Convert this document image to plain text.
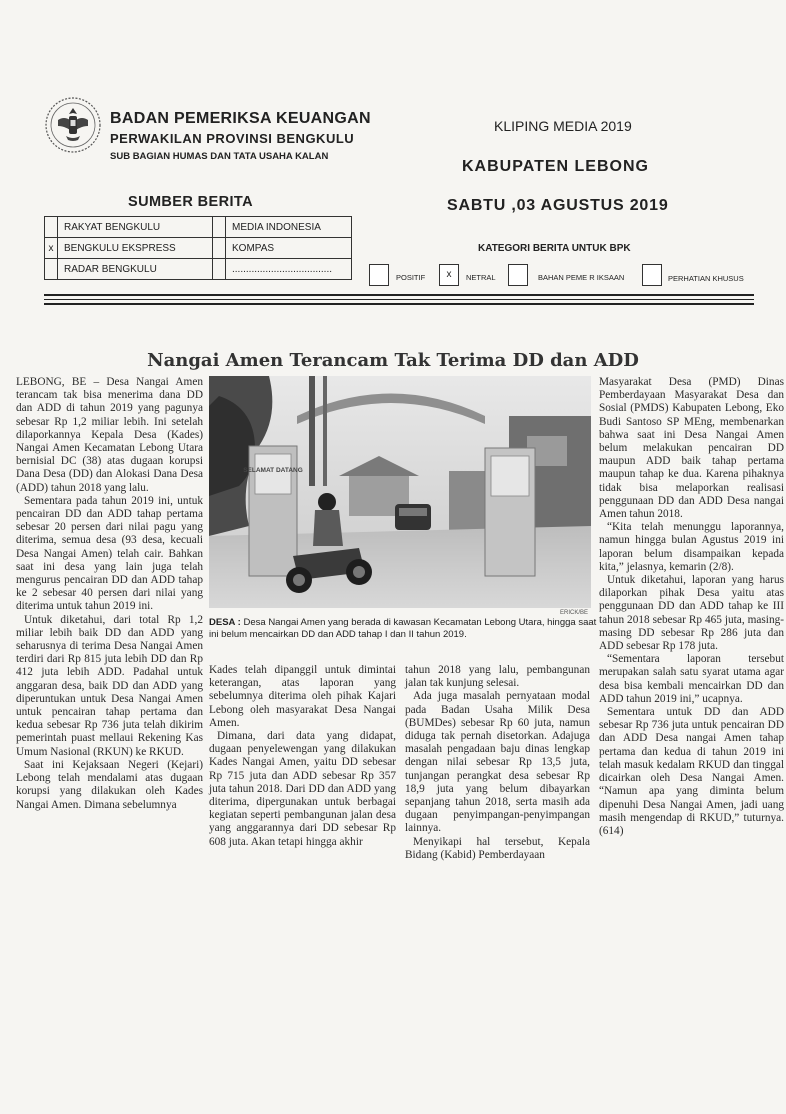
BADAN PEMERIKSA KEUANGAN
PERWAKILAN PROVINSI BENGKULU
SUB BAGIAN HUMAS DAN TATA USAHA KALAN
KLIPING MEDIA 2019
KABUPATEN LEBONG
SABTU ,03 AGUSTUS 2019
SUMBER BERITA
	RAKYAT BENGKULU		MEDIA INDONESIA
x	BENGKULU EKSPRESS		KOMPAS
	RADAR BENGKULU		....................................
KATEGORI BERITA UNTUK BPK
POSITIF	x	NETRAL	BAHAN PEME R IKSAAN	PERHATIAN KHUSUS
Nangai Amen Terancam Tak Terima DD dan ADD

LEBONG, BE – Desa Nangai Amen terancam tak bisa menerima dana DD dan ADD di tahun 2019 yang pagunya sebesar Rp 1,2 miliar lebih. Ini setelah dilaporkannya Kepala Desa (Kades) Nangai Amen Kecamatan Lebong Utara bernisial DC (38) atas dugaan korupsi Dana Desa (DD) dan Alokasi Dana Desa (ADD) tahun 2018 yang lalu.

Sementara pada tahun 2019 ini, untuk pencairan DD dan ADD tahap pertama sebesar 20 persen dari nilai pagu yang diterima, semua desa (93 desa, kecuali Desa Nangai Amen) telah cair. Bahkan saat ini desa yang lain juga telah mengurus pencairan DD dan ADD tahap ke 2 sebesar 40 persen dari nilai yang diterima untuk tahun 2019 ini.

Untuk diketahui, dari total Rp 1,2 miliar lebih baik DD dan ADD yang seharusnya di terima Desa Nangai Amen terdiri dari Rp 815 juta lebih DD dan Rp 412 juta lebih ADD. Padahal untuk anggaran desa, baik DD dan ADD yang diperuntukan untuk Desa Nangai Amen untuk pencairan tahap pertama dan kedua sebesar Rp 736 juta telah dikirim pemerintah puast mellaui Rekening Kas Umum Nasional (RKUN) ke RKUD.

Saat ini Kejaksaan Negeri (Kejari) Lebong telah mendalami atas dugaan korupsi yang dilakukan oleh Kades Nangai Amen. Dimana sebelumnya

SELAMAT DATANG
ERICK/BE
DESA : Desa Nangai Amen yang berada di kawasan Kecamatan Lebong Utara, hingga saat ini belum mencairkan DD dan ADD tahap I dan II tahun 2019.

Kades telah dipanggil untuk dimintai keterangan, atas laporan yang sebelumnya diterima oleh pihak Kajari Lebong oleh masyarakat Desa Nangai Amen.

Dimana, dari data yang didapat, dugaan penyelewengan yang dilakukan Kades Nangai Amen, yaitu DD sebesar Rp 715 juta dan ADD sebesar Rp 357 juta tahun 2018. Dari DD dan ADD yang diterima, dipergunakan untuk berbagai kegiatan seperti pembangunan jalan desa yang anggarannya dari DD sebesar Rp 608 juta. Akan tetapi hingga akhir

tahun 2018 yang lalu, pembangunan jalan tak kunjung selesai.

Ada juga masalah pernyataan modal pada Badan Usaha Milik Desa (BUMDes) sebesar Rp 60 juta, namun diduga tak pernah disetorkan. Adajuga masalah pengadaan baju dinas lengkap dengan nilai sebesar Rp 13,5 juta, tunjangan perangkat desa sebesar Rp 18,9 juta yang belum dibayarkan sepanjang tahun 2018, serta masih ada dugaan penyimpangan-penyimpangan lainnya.

Menyikapi hal tersebut, Kepala Bidang (Kabid) Pemberdayaan

Masyarakat Desa (PMD) Dinas Pemberdayaan Masyarakat Desa dan Sosial (PMDS) Kabupaten Lebong, Eko Budi Santoso SP MEng, membenarkan bahwa saat ini Desa Nangai Amen belum melakukan pencairan DD maupun ADD baik tahap pertama maupun tahap ke dua. Karena pihaknya tidak bisa melaporkan realisasi penggunaan DD dan ADD Desa nangai Amen tahun 2018.

“Kita telah menunggu laporannya, namun hingga bulan Agustus 2019 ini laporan belum disampaikan kepada kita,” jelasnya, kemarin (2/8).

Untuk diketahui, laporan yang harus dilaporkan pihak Desa yaitu atas penggunaan DD dan ADD tahap ke III tahun 2018 sebesar Rp 465 juta, masing-masing DD sebesar Rp 286 juta dan ADD sebesar Rp 178 juta.

“Sementara laporan tersebut merupakan salah satu syarat utama agar desa bisa kembali mencairkan DD dan ADD tahun 2019 ini,” ucapnya.

Sementara untuk DD dan ADD sebesar Rp 736 juta untuk pencairan DD dan ADD Desa nangai Amen tahap pertama dan kedua di tahun 2019 ini telah masuk kedalam RKUD dan tinggal dicairkan oleh Desa Nangai Amen. “Namun apa yang diminta belum dipenuhi Desa Nangai Amen, jadi uang masih mengendap di RKUD,” tuturnya. (614)
